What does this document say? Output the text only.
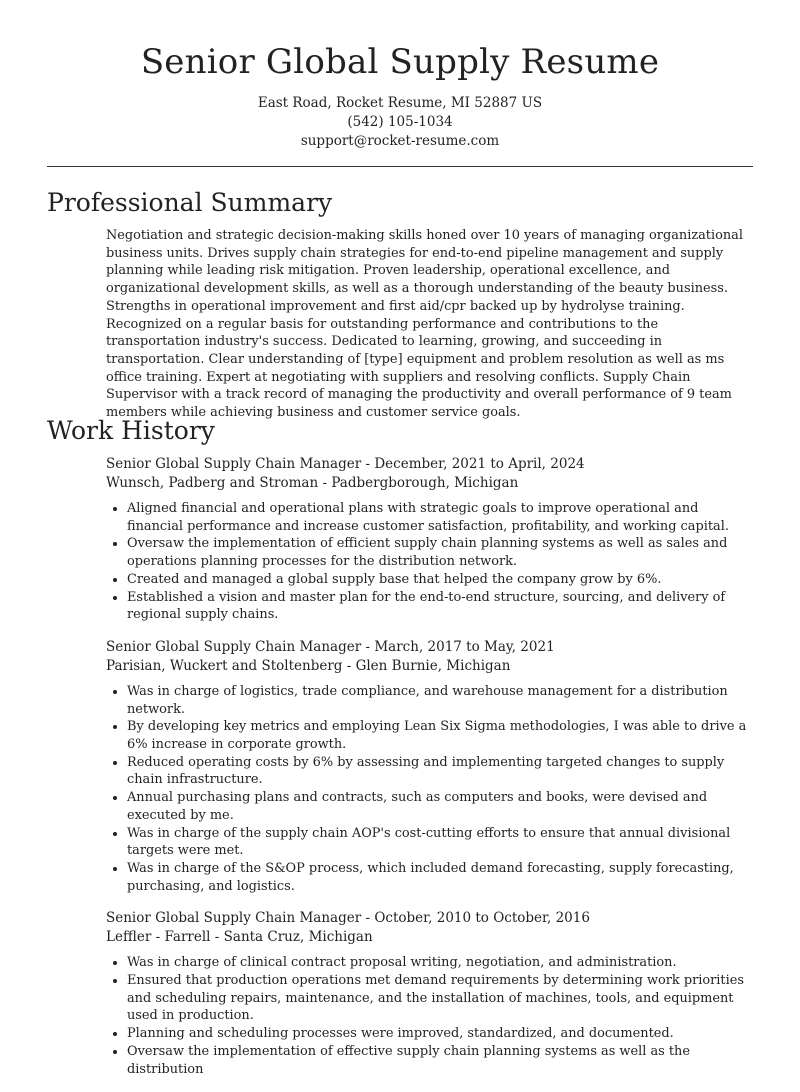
Senior Global Supply Resume
East Road, Rocket Resume, MI 52887 US
(542) 105-1034
support@rocket-resume.com
Professional Summary

Negotiation and strategic decision-making skills honed over 10 years of managing organizational business units. Drives supply chain strategies for end-to-end pipeline management and supply planning while leading risk mitigation. Proven leadership, operational excellence, and organizational development skills, as well as a thorough understanding of the beauty business. Strengths in operational improvement and first aid/cpr backed up by hydrolyse training. Recognized on a regular basis for outstanding performance and contributions to the transportation industry's success. Dedicated to learning, growing, and succeeding in transportation. Clear understanding of [type] equipment and problem resolution as well as ms office training. Expert at negotiating with suppliers and resolving conflicts. Supply Chain Supervisor with a track record of managing the productivity and overall performance of 9 team members while achieving business and customer service goals.

Work History

Senior Global Supply Chain Manager - December, 2021 to April, 2024

Wunsch, Padberg and Stroman - Padbergborough, Michigan

• Aligned financial and operational plans with strategic goals to improve operational and financial performance and increase customer satisfaction, profitability, and working capital.
• Oversaw the implementation of efficient supply chain planning systems as well as sales and operations planning processes for the distribution network.
• Created and managed a global supply base that helped the company grow by 6%.
• Established a vision and master plan for the end-to-end structure, sourcing, and delivery of regional supply chains.

Senior Global Supply Chain Manager - March, 2017 to May, 2021

Parisian, Wuckert and Stoltenberg - Glen Burnie, Michigan

• Was in charge of logistics, trade compliance, and warehouse management for a distribution network.
• By developing key metrics and employing Lean Six Sigma methodologies, I was able to drive a 6% increase in corporate growth.
• Reduced operating costs by 6% by assessing and implementing targeted changes to supply chain infrastructure.
• Annual purchasing plans and contracts, such as computers and books, were devised and executed by me.
• Was in charge of the supply chain AOP's cost-cutting efforts to ensure that annual divisional targets were met.
• Was in charge of the S&OP process, which included demand forecasting, supply forecasting, purchasing, and logistics.

Senior Global Supply Chain Manager - October, 2010 to October, 2016

Leffler - Farrell - Santa Cruz, Michigan

• Was in charge of clinical contract proposal writing, negotiation, and administration.
• Ensured that production operations met demand requirements by determining work priorities and scheduling repairs, maintenance, and the installation of machines, tools, and equipment used in production.
• Planning and scheduling processes were improved, standardized, and documented.
• Oversaw the implementation of effective supply chain planning systems as well as the distribution
